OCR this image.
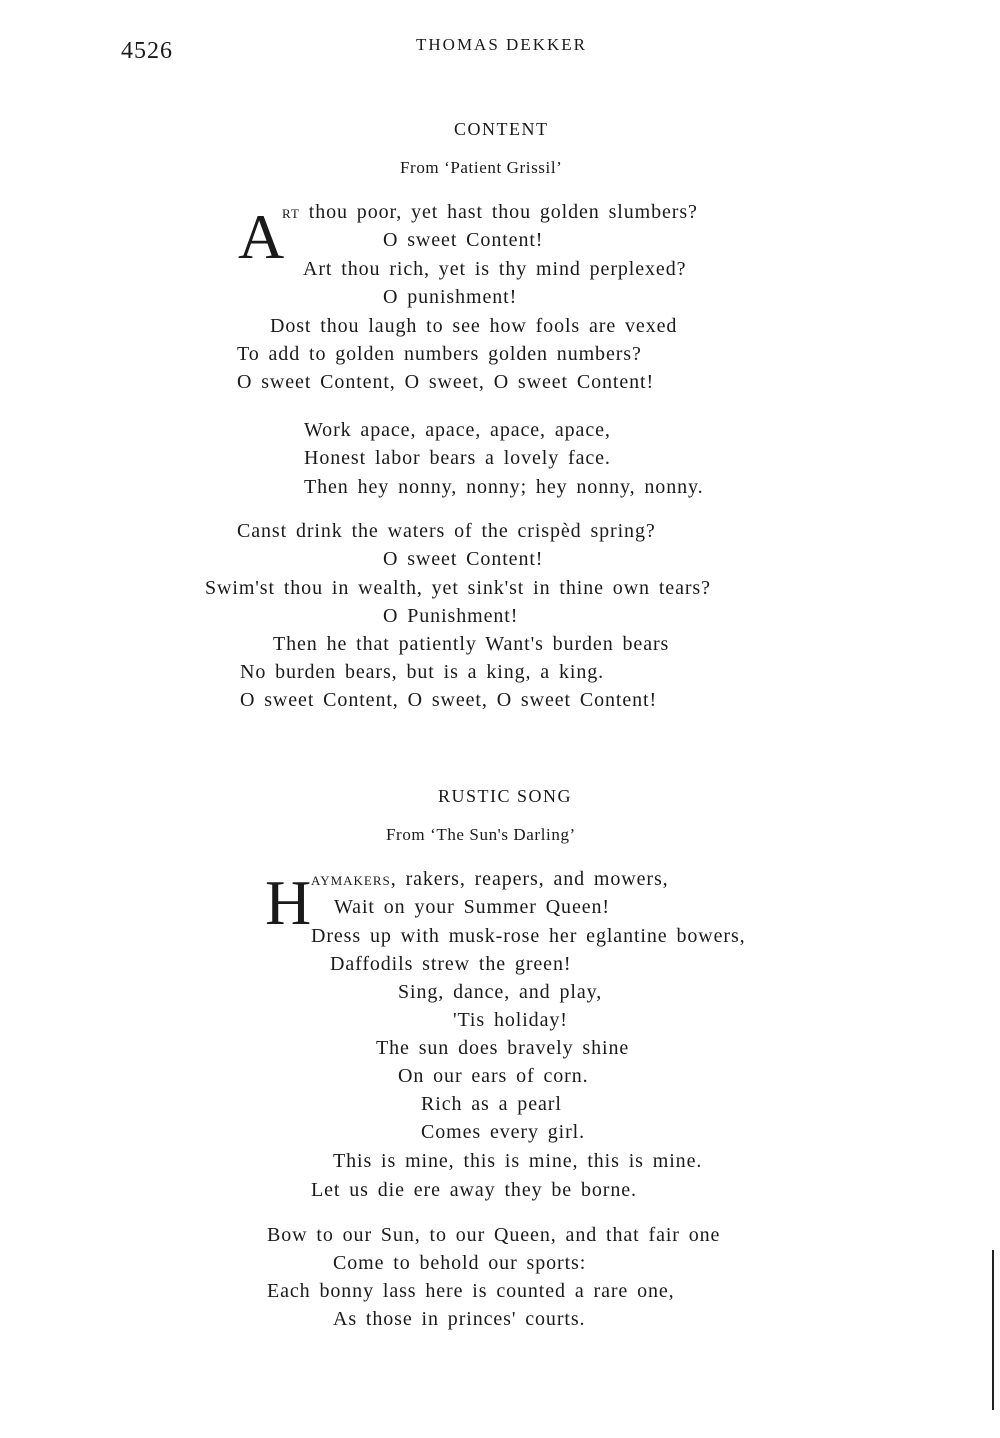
4526	THOMAS DEKKER
CONTENT
From ‘Patient Grissil’
A
RT thou poor, yet hast thou golden slumbers?
O sweet Content!
Art thou rich, yet is thy mind perplexed?
O punishment!
Dost thou laugh to see how fools are vexed
To add to golden numbers golden numbers?
O sweet Content, O sweet, O sweet Content!
Work apace, apace, apace, apace,
Honest labor bears a lovely face.
Then hey nonny, nonny; hey nonny, nonny.
Canst drink the waters of the crispèd spring?
O sweet Content!
Swim'st thou in wealth, yet sink'st in thine own tears?
O Punishment!
Then he that patiently Want's burden bears
No burden bears, but is a king, a king.
O sweet Content, O sweet, O sweet Content!
RUSTIC SONG
From ‘The Sun's Darling’
H AYMAKERS, rakers, reapers, and mowers,
Wait on your Summer Queen!
Dress up with musk-rose her eglantine bowers,
Daffodils strew the green!
Sing, dance, and play,
'Tis holiday!
The sun does bravely shine
On our ears of corn.
Rich as a pearl
Comes every girl.
This is mine, this is mine, this is mine.
Let us die ere away they be borne.
Bow to our Sun, to our Queen, and that fair one
Come to behold our sports:
Each bonny lass here is counted a rare one,
As those in princes' courts.
